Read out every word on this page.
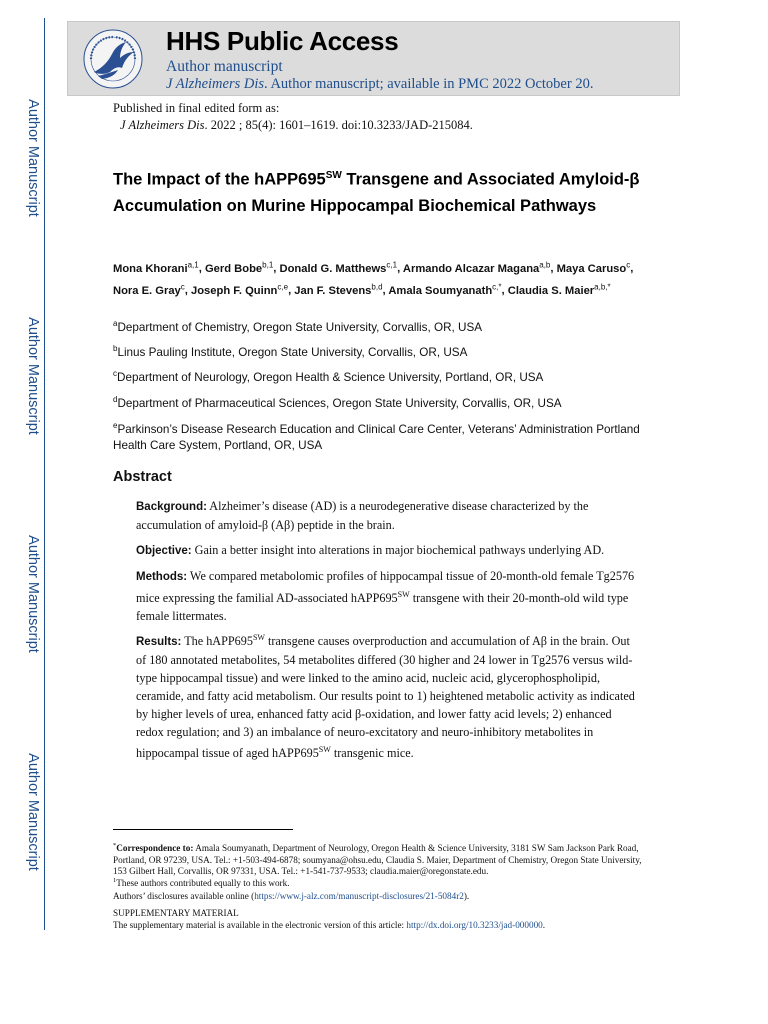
Author Manuscript
Author Manuscript
Author Manuscript
Author Manuscript
HHS Public Access
Author manuscript
J Alzheimers Dis. Author manuscript; available in PMC 2022 October 20.
Published in final edited form as:
J Alzheimers Dis. 2022 ; 85(4): 1601–1619. doi:10.3233/JAD-215084.
The Impact of the $hAPP695^{SW}$ Transgene and Associated Amyloid-β Accumulation on Murine Hippocampal Biochemical Pathways
Mona Khorani$^{a,1}$, Gerd Bobe$^{b,1}$, Donald G. Matthews$^{c,1}$, Armando Alcazar Magana$^{a,b}$, Maya Caruso$^c$, Nora E. Gray$^c$, Joseph F. Quinn$^{c,e}$, Jan F. Stevens$^{b,d}$, Amala Soumyanath$^{c,*}$, Claudia S. Maier$^{a,b,*}$
$^a$Department of Chemistry, Oregon State University, Corvallis, OR, USA
$^b$Linus Pauling Institute, Oregon State University, Corvallis, OR, USA
$^c$Department of Neurology, Oregon Health & Science University, Portland, OR, USA
$^d$Department of Pharmaceutical Sciences, Oregon State University, Corvallis, OR, USA
$^e$Parkinson’s Disease Research Education and Clinical Care Center, Veterans’ Administration Portland Health Care System, Portland, OR, USA
Abstract
Background: Alzheimer’s disease (AD) is a neurodegenerative disease characterized by the accumulation of amyloid-β (Aβ) peptide in the brain.
Objective: Gain a better insight into alterations in major biochemical pathways underlying AD.
Methods: We compared metabolomic profiles of hippocampal tissue of 20-month-old female Tg2576 mice expressing the familial AD-associated $hAPP695^{SW}$ transgene with their 20-month-old wild type female littermates.
Results: The $hAPP695^{SW}$ transgene causes overproduction and accumulation of Aβ in the brain. Out of 180 annotated metabolites, 54 metabolites differed (30 higher and 24 lower in Tg2576 versus wild-type hippocampal tissue) and were linked to the amino acid, nucleic acid, glycerophospholipid, ceramide, and fatty acid metabolism. Our results point to 1) heightened metabolic activity as indicated by higher levels of urea, enhanced fatty acid β-oxidation, and lower fatty acid levels; 2) enhanced redox regulation; and 3) an imbalance of neuro-excitatory and neuro-inhibitory metabolites in hippocampal tissue of aged $hAPP695^{SW}$ transgenic mice.
*Correspondence to: Amala Soumyanath, Department of Neurology, Oregon Health & Science University, 3181 SW Sam Jackson Park Road, Portland, OR 97239, USA. Tel.: +1-503-494-6878; soumyana@ohsu.edu, Claudia S. Maier, Department of Chemistry, Oregon State University, 153 Gilbert Hall, Corvallis, OR 97331, USA. Tel.: +1-541-737-9533; claudia.maier@oregonstate.edu.
$^1$These authors contributed equally to this work.
Authors’ disclosures available online (https://www.j-alz.com/manuscript-disclosures/21-5084r2).
SUPPLEMENTARY MATERIAL
The supplementary material is available in the electronic version of this article: http://dx.doi.org/10.3233/jad-000000.
